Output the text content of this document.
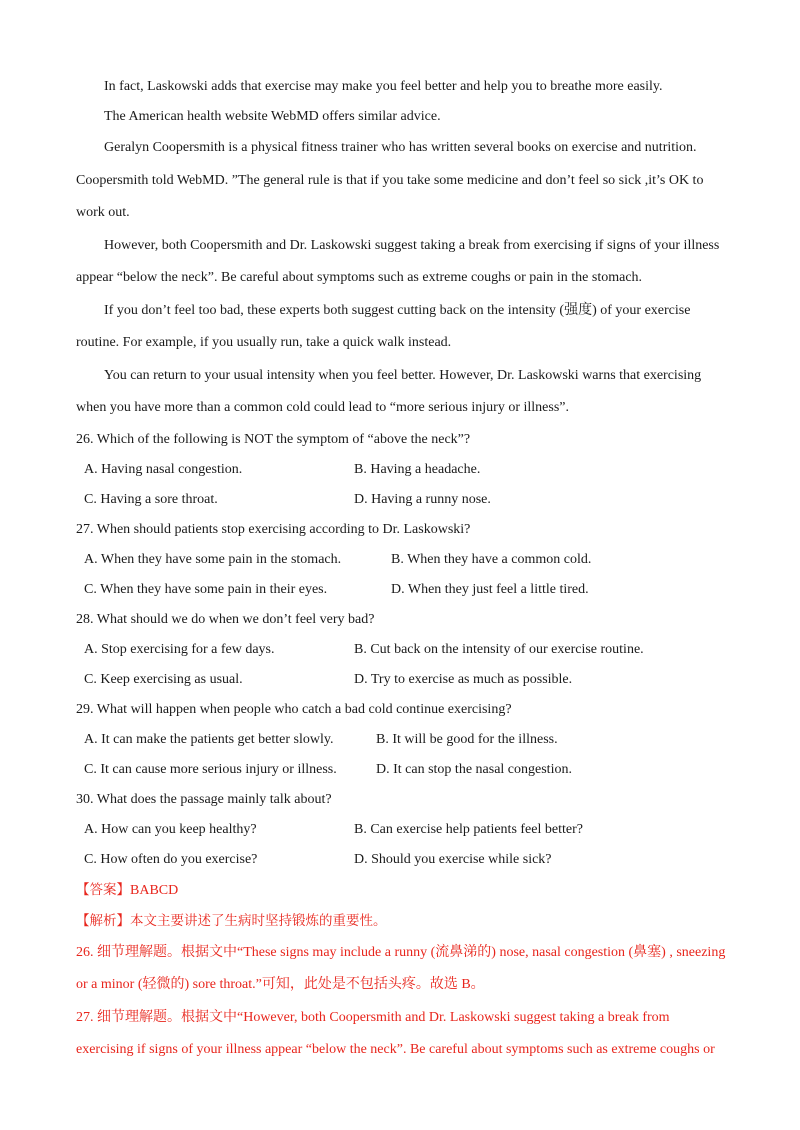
In fact, Laskowski adds that exercise may make you feel better and help you to breathe more easily.

The American health website WebMD offers similar advice.

Geralyn Coopersmith is a physical fitness trainer who has written several books on exercise and nutrition. Coopersmith told WebMD. ”The general rule is that if you take some medicine and don’t feel so sick ,it’s OK to work out.

However, both Coopersmith and Dr. Laskowski suggest taking a break from exercising if signs of your illness appear “below the neck”. Be careful about symptoms such as extreme coughs or pain in the stomach.

If you don’t feel too bad, these experts both suggest cutting back on the intensity (强度) of your exercise routine. For example, if you usually run, take a quick walk instead.

You can return to your usual intensity when you feel better. However, Dr. Laskowski warns that exercising when you have more than a common cold could lead to “more serious injury or illness”.

26. Which of the following is NOT the symptom of “above the neck”?

A. Having nasal congestion.	B. Having a headache.
C. Having a sore throat.	D. Having a runny nose.

27. When should patients stop exercising according to Dr. Laskowski?

A. When they have some pain in the stomach.	B. When they have a common cold.
C. When they have some pain in their eyes.	D. When they just feel a little tired.

28. What should we do when we don’t feel very bad?

A. Stop exercising for a few days.	B. Cut back on the intensity of our exercise routine.
C. Keep exercising as usual.	D. Try to exercise as much as possible.

29. What will happen when people who catch a bad cold continue exercising?

A. It can make the patients get better slowly.	B. It will be good for the illness.
C. It can cause more serious injury or illness.	D. It can stop the nasal congestion.

30. What does the passage mainly talk about?

A. How can you keep healthy?	B. Can exercise help patients feel better?
C. How often do you exercise?	D. Should you exercise while sick?

【答案】BABCD

【解析】本文主要讲述了生病时坚持锻炼的重要性。

26. 细节理解题。根据文中“These signs may include a runny (流鼻涕的) nose, nasal congestion (鼻塞) , sneezing or a minor (轻微的) sore throat.”可知，此处是不包括头疼。故选 B。

27. 细节理解题。根据文中“However, both Coopersmith and Dr. Laskowski suggest taking a break from exercising if signs of your illness appear “below the neck”. Be careful about symptoms such as extreme coughs or
